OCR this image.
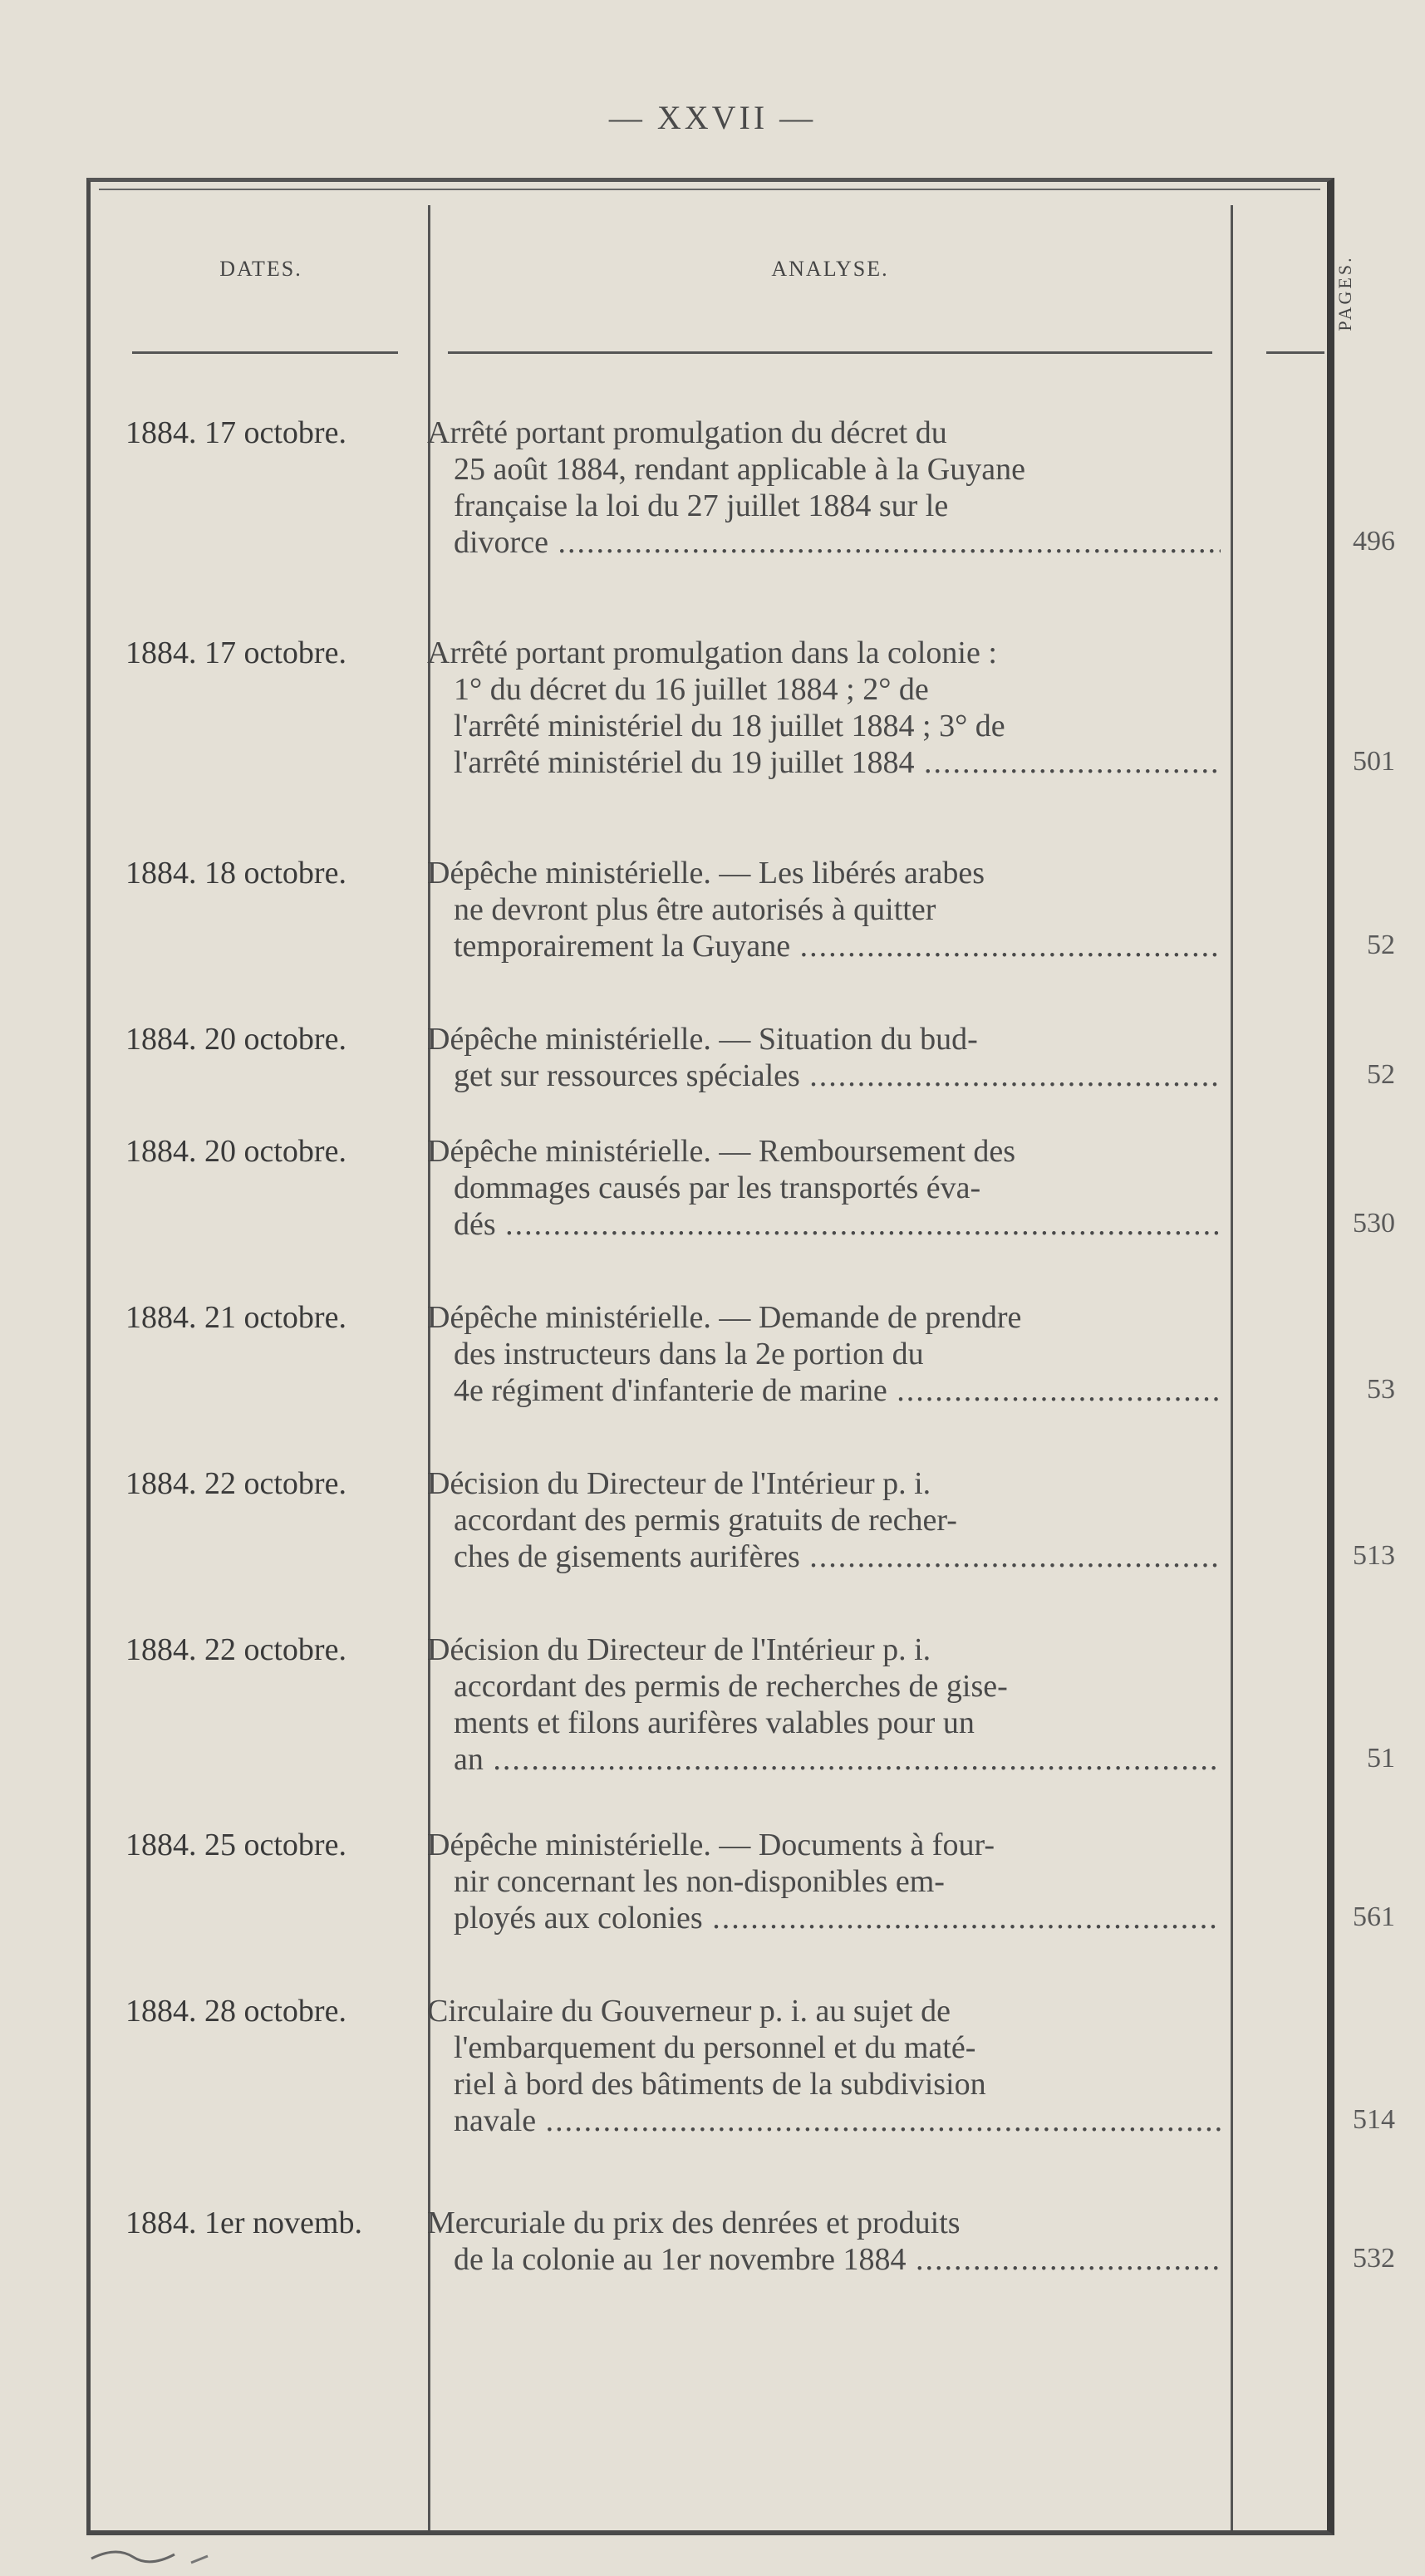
— XXVII —
DATES.	ANALYSE.	PAGES.
1884. 17 octobre.	Arrêté portant promulgation du décret du
25 août 1884, rendant applicable à la Guyane
française la loi du 27 juillet 1884 sur le
divorce .....	496
1884. 17 octobre.	Arrêté portant promulgation dans la colonie :
1° du décret du 16 juillet 1884 ; 2° de
l'arrêté ministériel du 18 juillet 1884 ; 3° de
l'arrêté ministériel du 19 juillet 1884 .....	501
1884. 18 octobre.	Dépêche ministérielle. — Les libérés arabes
ne devront plus être autorisés à quitter
temporairement la Guyane .....	52
1884. 20 octobre.	Dépêche ministérielle. — Situation du bud-
get sur ressources spéciales .....	52
1884. 20 octobre.	Dépêche ministérielle. — Remboursement des
dommages causés par les transportés éva-
dés .....	530
1884. 21 octobre.	Dépêche ministérielle. — Demande de prendre
des instructeurs dans la 2e portion du
4e régiment d'infanterie de marine .....	53
1884. 22 octobre.	Décision du Directeur de l'Intérieur p. i.
accordant des permis gratuits de recher-
ches de gisements aurifères .....	513
1884. 22 octobre.	Décision du Directeur de l'Intérieur p. i.
accordant des permis de recherches de gise-
ments et filons aurifères valables pour un
an .....	51
1884. 25 octobre.	Dépêche ministérielle. — Documents à four-
nir concernant les non-disponibles em-
ployés aux colonies .....	561
1884. 28 octobre.	Circulaire du Gouverneur p. i. au sujet de
l'embarquement du personnel et du maté-
riel à bord des bâtiments de la subdivision
navale .....	514
1884. 1er novemb.	Mercuriale du prix des denrées et produits
de la colonie au 1er novembre 1884 .....	532
